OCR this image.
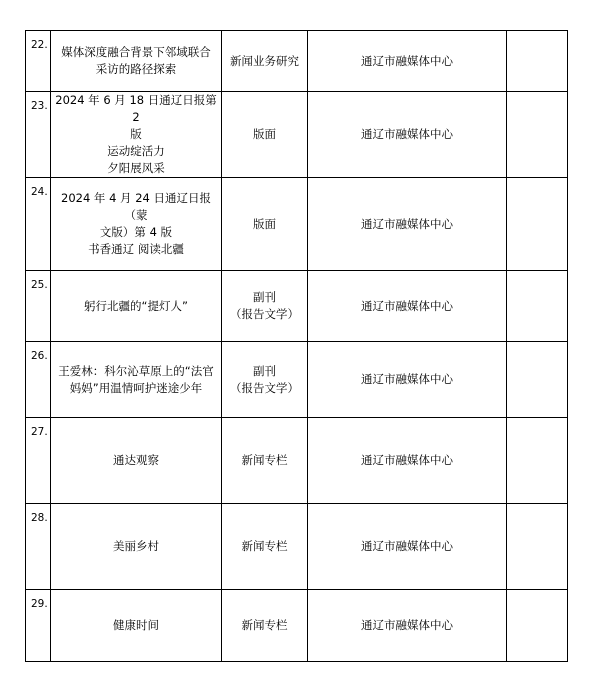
22.	媒体深度融合背景下邻域联合
采访的路径探索	新闻业务研究	通辽市融媒体中心	
23.	2024 年 6 月 18 日通辽日报第 2
版
运动绽活力
夕阳展风采	版面	通辽市融媒体中心	
24.	2024 年 4 月 24 日通辽日报（蒙
文版）第 4 版
书香通辽 阅读北疆	版面	通辽市融媒体中心	
25.	躬行北疆的“提灯人”	副刊
（报告文学）	通辽市融媒体中心	
26.	王爱林：科尔沁草原上的“法官
妈妈”用温情呵护迷途少年	副刊
（报告文学）	通辽市融媒体中心	
27.	通达观察	新闻专栏	通辽市融媒体中心	
28.	美丽乡村	新闻专栏	通辽市融媒体中心	
29.	健康时间	新闻专栏	通辽市融媒体中心	
